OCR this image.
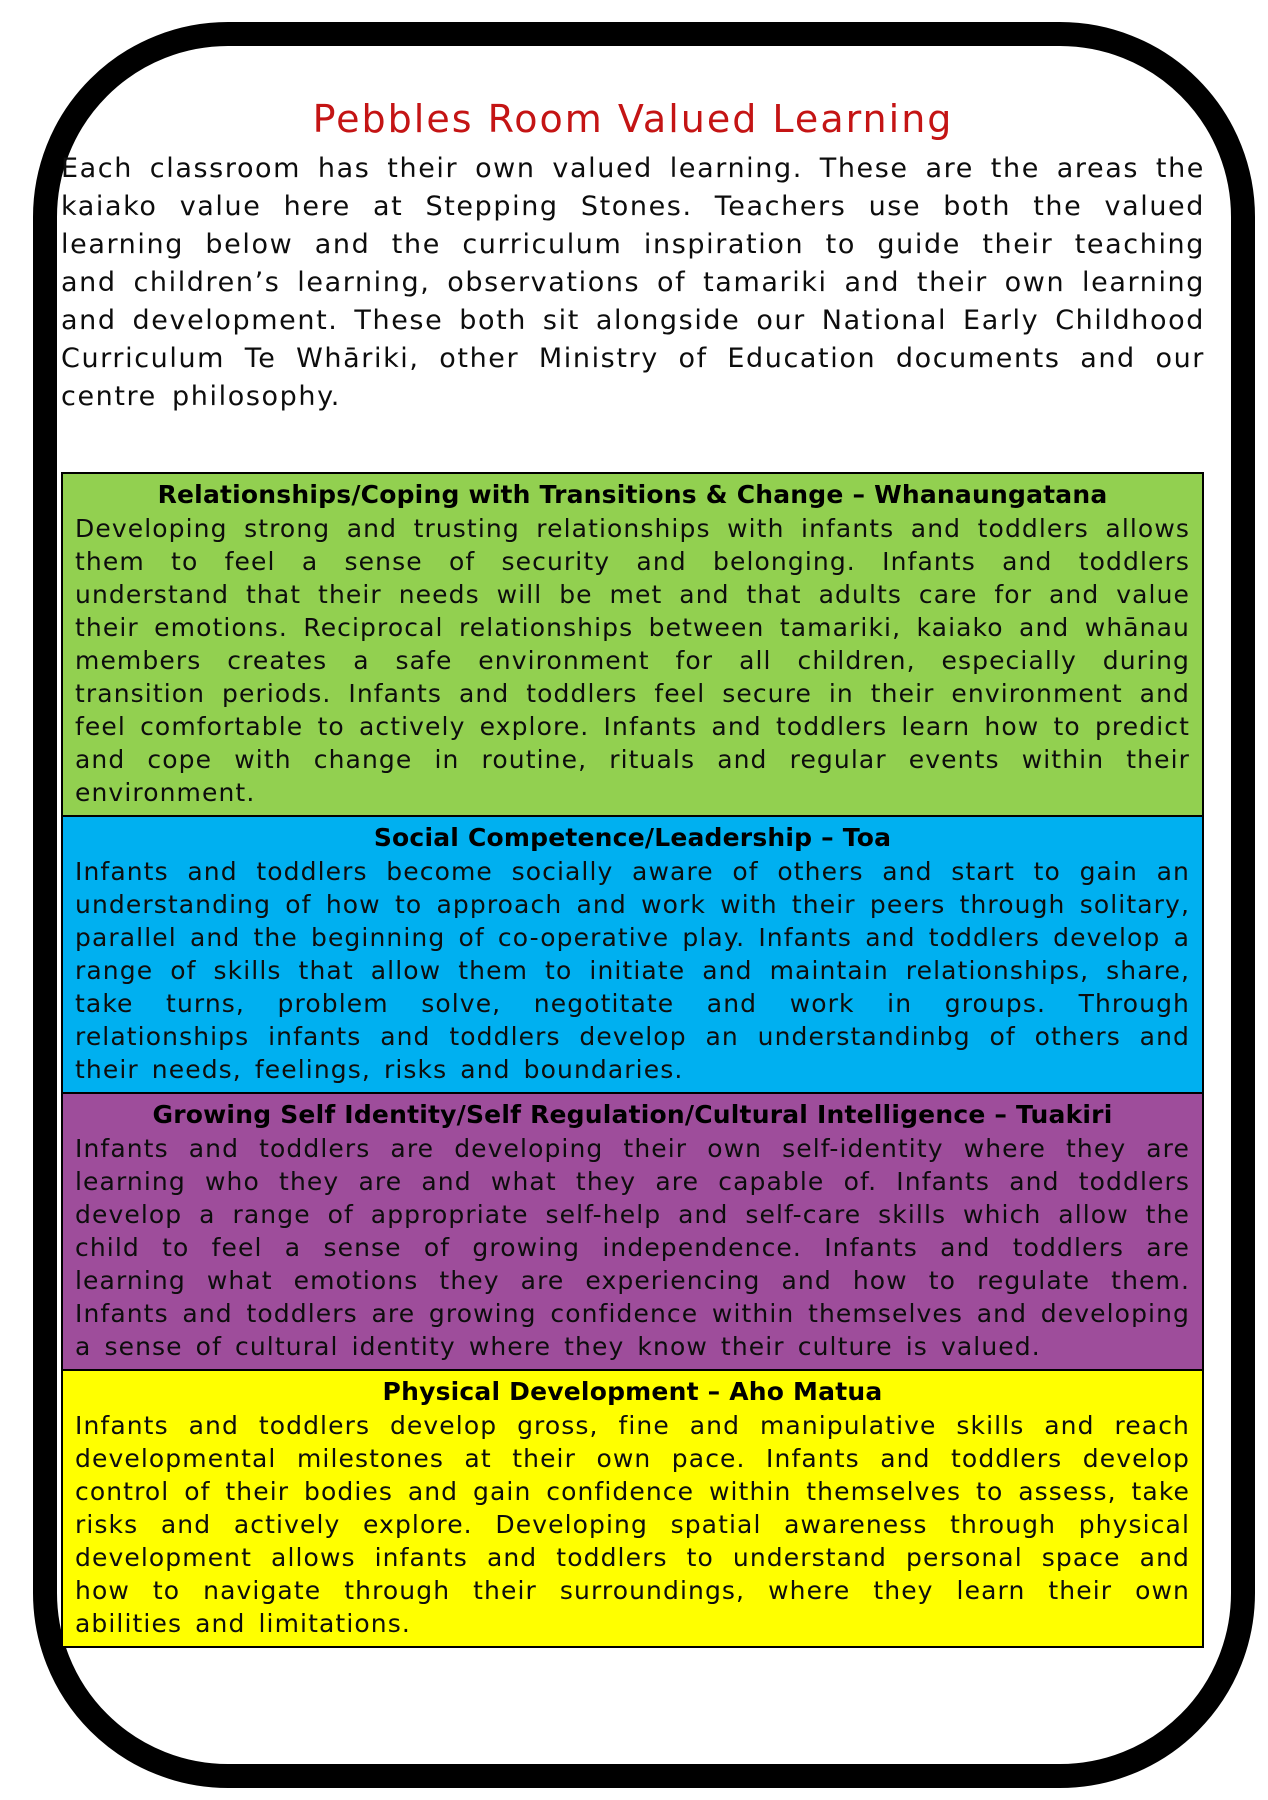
Pebbles Room Valued Learning

Each classroom has their own valued learning. These are the areas the kaiako value here at Stepping Stones. Teachers use both the valued learning below and the curriculum inspiration to guide their teaching and children’s learning, observations of tamariki and their own learning and development. These both sit alongside our National Early Childhood Curriculum Te Whāriki, other Ministry of Education documents and our centre philosophy.

Relationships/Coping with Transitions & Change – Whanaungatana

Developing strong and trusting relationships with infants and toddlers allows them to feel a sense of security and belonging. Infants and toddlers understand that their needs will be met and that adults care for and value their emotions. Reciprocal relationships between tamariki, kaiako and whānau members creates a safe environment for all children, especially during transition periods. Infants and toddlers feel secure in their environment and feel comfortable to actively explore. Infants and toddlers learn how to predict and cope with change in routine, rituals and regular events within their environment.

Social Competence/Leadership – Toa

Infants and toddlers become socially aware of others and start to gain an understanding of how to approach and work with their peers through solitary, parallel and the beginning of co-operative play. Infants and toddlers develop a range of skills that allow them to initiate and maintain relationships, share, take turns, problem solve, negotitate and work in groups. Through relationships infants and toddlers develop an understandinbg of others and their needs, feelings, risks and boundaries.

Growing Self Identity/Self Regulation/Cultural Intelligence – Tuakiri

Infants and toddlers are developing their own self-identity where they are learning who they are and what they are capable of. Infants and toddlers develop a range of appropriate self-help and self-care skills which allow the child to feel a sense of growing independence. Infants and toddlers are learning what emotions they are experiencing and how to regulate them. Infants and toddlers are growing confidence within themselves and developing a sense of cultural identity where they know their culture is valued.

Physical Development – Aho Matua

Infants and toddlers develop gross, fine and manipulative skills and reach developmental milestones at their own pace. Infants and toddlers develop control of their bodies and gain confidence within themselves to assess, take risks and actively explore. Developing spatial awareness through physical development allows infants and toddlers to understand personal space and how to navigate through their surroundings, where they learn their own abilities and limitations.
